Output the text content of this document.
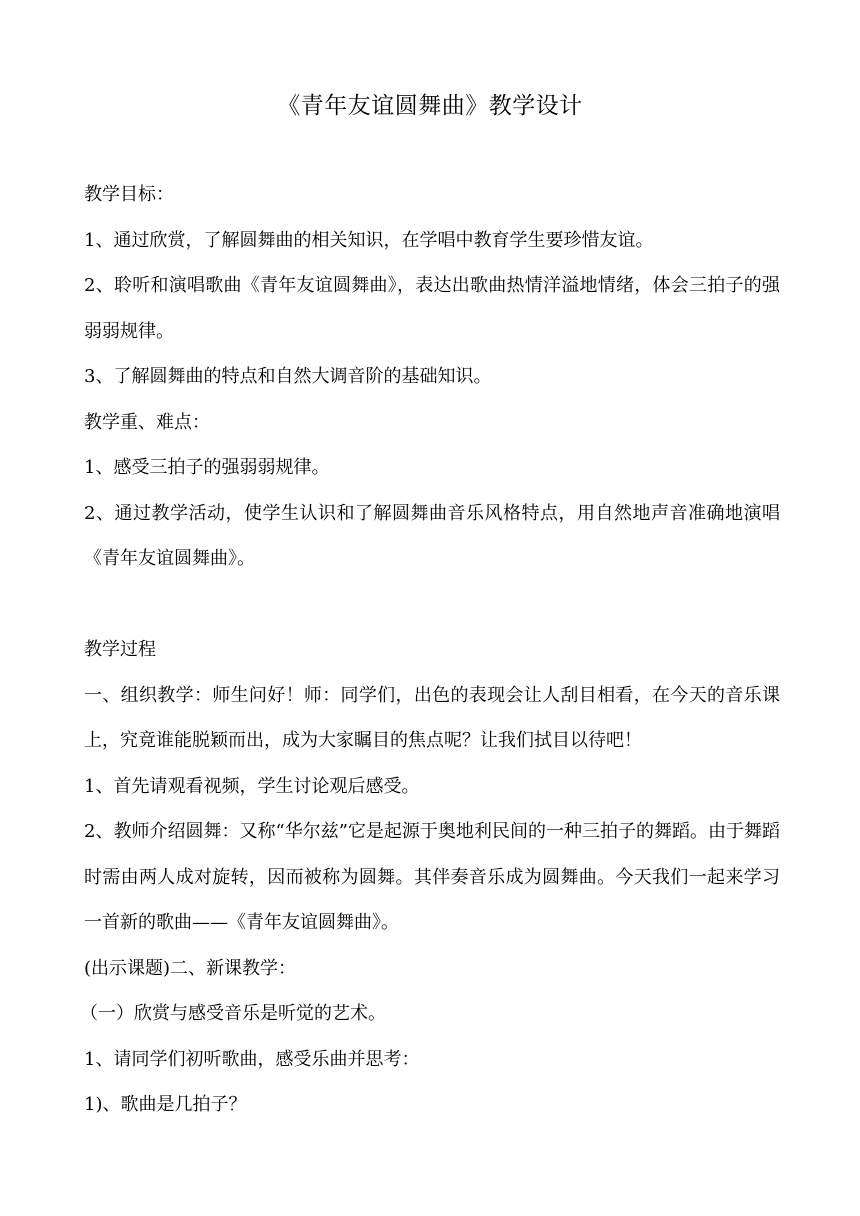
《青年友谊圆舞曲》教学设计

教学目标：

1、通过欣赏，了解圆舞曲的相关知识，在学唱中教育学生要珍惜友谊。

2、聆听和演唱歌曲《青年友谊圆舞曲》，表达出歌曲热情洋溢地情绪，体会三拍子的强弱弱规律。

3、了解圆舞曲的特点和自然大调音阶的基础知识。

教学重、难点：

1、感受三拍子的强弱弱规律。

2、通过教学活动，使学生认识和了解圆舞曲音乐风格特点，用自然地声音准确地演唱《青年友谊圆舞曲》。

教学过程

一、组织教学：师生问好！师：同学们，出色的表现会让人刮目相看，在今天的音乐课上，究竟谁能脱颖而出，成为大家瞩目的焦点呢？让我们拭目以待吧！

1、首先请观看视频，学生讨论观后感受。

2、教师介绍圆舞：又称“华尔兹”它是起源于奥地利民间的一种三拍子的舞蹈。由于舞蹈时需由两人成对旋转，因而被称为圆舞。其伴奏音乐成为圆舞曲。今天我们一起来学习一首新的歌曲——《青年友谊圆舞曲》。

(出示课题)二、新课教学：

（一）欣赏与感受音乐是听觉的艺术。

1、请同学们初听歌曲，感受乐曲并思考：

1)、歌曲是几拍子？
